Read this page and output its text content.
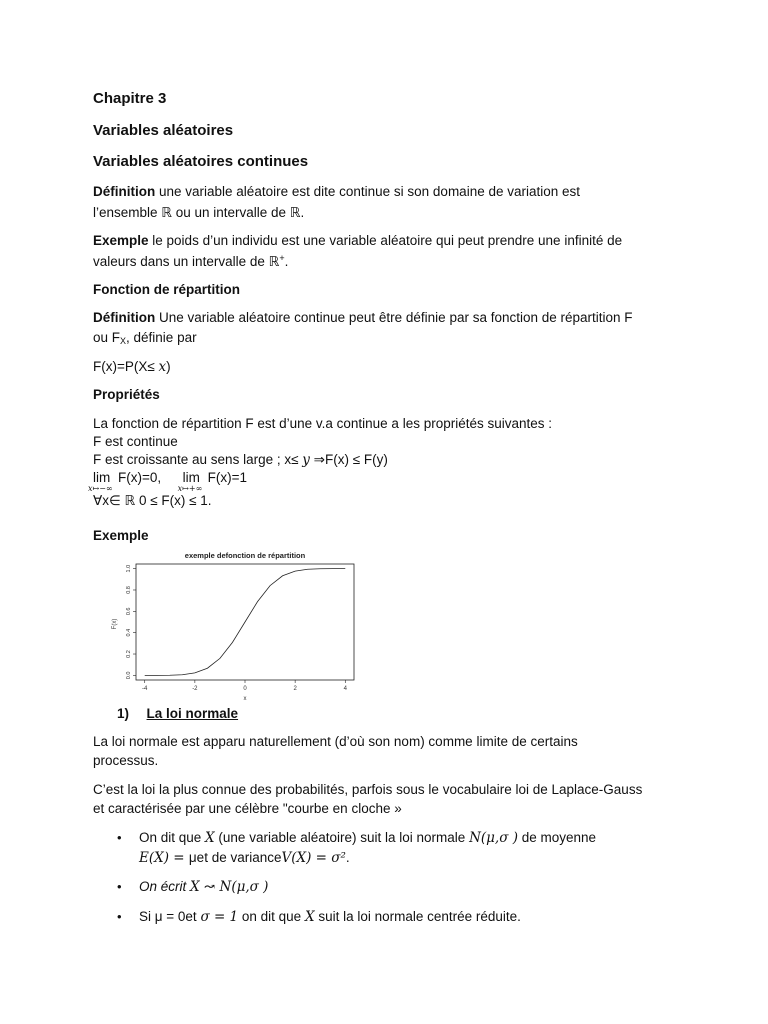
Chapitre 3
Variables aléatoires
Variables aléatoires continues
Définition une variable aléatoire est dite continue si son domaine de variation est
l’ensemble ℝ ou un intervalle de ℝ.
Exemple le poids d’un individu est une variable aléatoire qui peut prendre une infinité de
valeurs dans un intervalle de ℝ+.
Fonction de répartition
Définition Une variable aléatoire continue peut être définie par sa fonction de répartition F
ou $F_X$, définie par
F(x)=P(X≤ x)
Propriétés
La fonction de répartition F est d’une v.a continue a les propriétés suivantes :
F est continue
F est croissante au sens large ; x≤ y ⇒F(x) ≤ F(y)
lim
x↦−∞
F(x)=0, lim
x↦+∞
F(x)=1
∀x∈ ℝ 0 ≤ F(x) ≤ 1.
Exemple
exemple defonction de répartition
-4	-2	0	2	4
0.0
0.2
0.4
0.6
0.8
1.0
x
F(x)
1) La loi normale
La loi normale est apparu naturellement (d’où son nom) comme limite de certains
processus.
C’est la loi la plus connue des probabilités, parfois sous le vocabulaire loi de Laplace-Gauss
et caractérisée par une célèbre "courbe en cloche »
• On dit que X (une variable aléatoire) suit la loi normale N(μ,σ ) de moyenne
E(X) = μet de varianceV(X) = σ².
• On écrit X ↝ N(μ,σ )
• Si μ = 0et σ = 1 on dit que X suit la loi normale centrée réduite.
